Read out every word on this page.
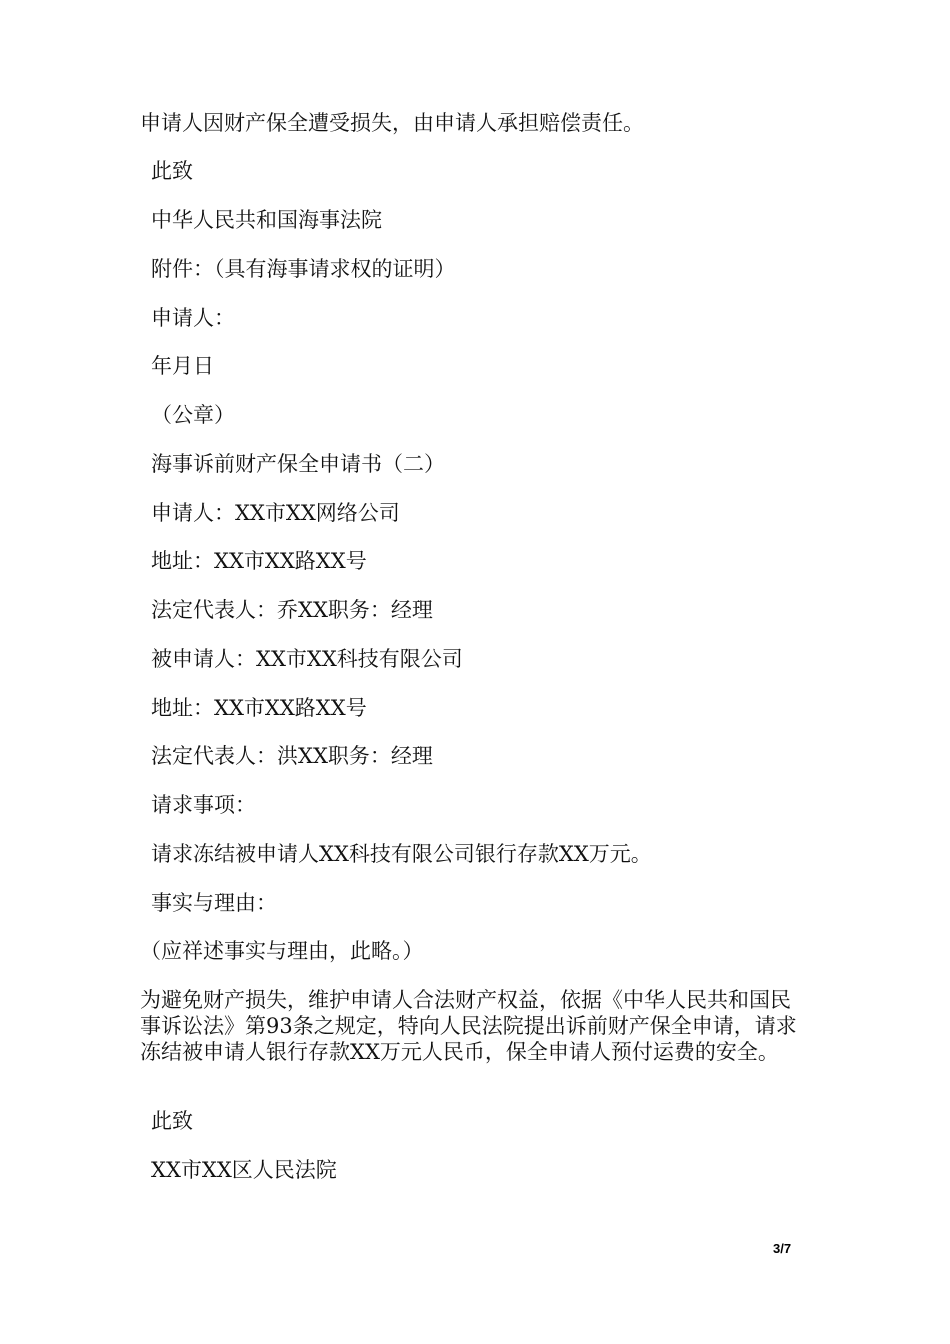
申请人因财产保全遭受损失，由申请人承担赔偿责任。
此致
中华人民共和国海事法院
附件：（具有海事请求权的证明）
申请人：
年月日
（公章）
海事诉前财产保全申请书（二）
申请人：XX市XX网络公司
地址：XX市XX路XX号
法定代表人：乔XX职务：经理
被申请人：XX市XX科技有限公司
地址：XX市XX路XX号
法定代表人：洪XX职务：经理
请求事项：
请求冻结被申请人XX科技有限公司银行存款XX万元。
事实与理由：
（应祥述事实与理由，此略。）
为避免财产损失，维护申请人合法财产权益，依据《中华人民共和国民事诉讼法》第93条之规定，特向人民法院提出诉前财产保全申请，请求冻结被申请人银行存款XX万元人民币，保全申请人预付运费的安全。
此致
XX市XX区人民法院
3/7
